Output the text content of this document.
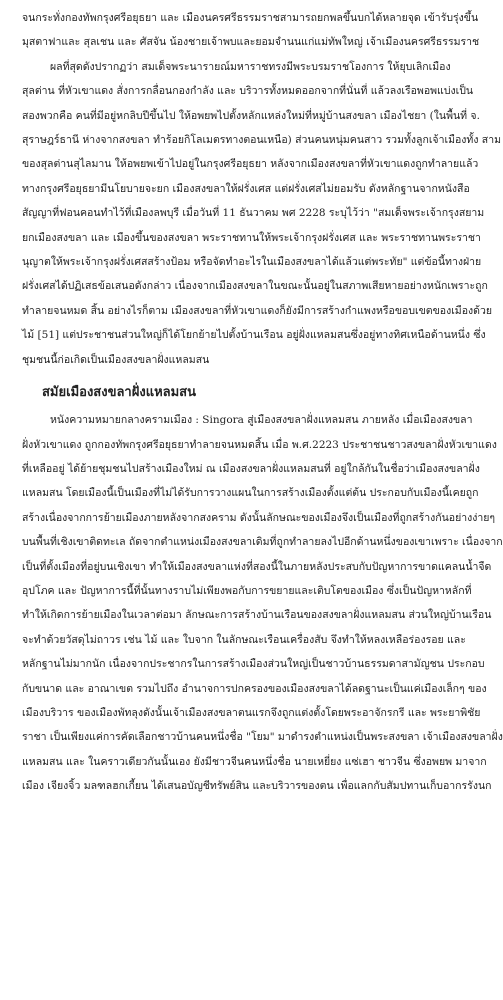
จนกระทั่งกองทัพกรุงศรีอยุธยา และ เมืองนครศรีธรรมราชสามารถยกพลขึ้นบกได้หลายจุด เข้ารับรุ่งขึ้น
มุสตาฟาและ สุลเชน และ ศัสจัน น้องชายเจ้าพบและยอมจำนนแก่แม่ทัพใหญ่ เจ้าเมืองนครศรีธรรมราช
ผลที่สุดดังปรากฏว่า สมเด็จพระนารายณ์มหาราชทรงมีพระบรมราชโองการ ให้ยุบเลิกเมือง
สุลต่าน ที่หัวเขาแดง สั่งการกลื่อนกองกำลัง และ บริวารทั้งหมดออกจากที่นั่นที่ แล้วลงเรือพอพแบ่งเป็น
สองพวกคือ คนที่มีอยู่หกลิบปีขึ้นไป ให้อพยพไปตั้งหลักแหล่งใหม่ที่หมู่บ้านสงขลา เมืองไชยา (ในพื้นที่ จ.
สุราษฎร์ธานี ห่างจากสงขลา ทำร้อยกิโลเมตรทางตอนเหนือ) ส่วนคนหนุ่มคนสาว รวมทั้งลูกเจ้าเมืองทั้ง สาม
ของสุลต่านสุไลมาน ให้อพยพเข้าไปอยู่ในกรุงศรีอยุธยา หลังจากเมืองสงขลาที่หัวเขาแดงถูกทำลายแล้ว
ทางกรุงศรีอยุธยามีนโยบายจะยก เมืองสงขลาให้ฝรั่งเศส แต่ฝรั่งเศสไม่ยอมรับ ดังหลักฐานจากหนังสือ
สัญญาที่ฟอนคอนทำไว้ที่เมืองลพบุรี เมื่อวันที่ 11 ธันวาคม พศ 2228 ระบุไว้ว่า "สมเด็จพระเจ้ากรุงสยาม
ยกเมืองสงขลา และ เมืองขึ้นของสงขลา พระราชทานให้พระเจ้ากรุงฝรั่งเศส และ พระราชทานพระราชา
นุญาตให้พระเจ้ากรุงฝรั่งเศสสร้างป้อม หรือจัดทำอะไรในเมืองสงขลาได้แล้วแต่พระทัย" แต่ข้อนี้ทางฝ่าย
ฝรั่งเศสได้ปฏิเสธข้อเสนอดังกล่าว เนื่องจากเมืองสงขลาในขณะนั้นอยู่ในสภาพเสียหายอย่างหนักเพราะถูก
ทำลายจนหมด สิ้น อย่างไรก็ตาม เมืองสงขลาที่หัวเขาแดงก็ยังมีการสร้างกำแพงหรือขอบเขตของเมืองด้วย
ไม้ [51] แต่ประชาชนส่วนใหญ่ก็ได้โยกย้ายไปตั้งบ้านเรือน อยู่ฝั่งแหลมสนซึ่งอยู่ทางทิศเหนือด้านหนึ่ง ซึ่ง
ชุมชนนี้ก่อเกิดเป็นเมืองสงขลาฝั่งแหลมสน
สมัยเมืองสงขลาฝั่งแหลมสน
หนังความหมายกลางครามเมือง : Singora สู่เมืองสงขลาฝั่งแหลมสน ภายหลัง เมื่อเมืองสงขลา
ฝั่งหัวเขาแดง ถูกกองทัพกรุงศรีอยุธยาทำลายจนหมดสิ้น เมื่อ พ.ศ.2223 ประชาชนชาวสงขลาฝั่งหัวเขาแดง
ที่เหลืออยู่ ได้ย้ายชุมชนไปสร้างเมืองใหม่ ณ เมืองสงขลาฝั่งแหลมสนที่ อยู่ใกล้กันในชื่อว่าเมืองสงขลาฝั่ง
แหลมสน โดยเมืองนี้เป็นเมืองที่ไม่ได้รับการวางแผนในการสร้างเมืองตั้งแต่ต้น ประกอบกับเมืองนี้เคยถูก
สร้างเนื่องจากการย้ายเมืองภายหลังจากสงคราม ดังนั้นลักษณะของเมืองจึงเป็นเมืองที่ถูกสร้างกันอย่างง่ายๆ
บนพื้นที่เชิงเขาติดทะเล ถัดจากตำแหน่งเมืองสงขลาเดิมที่ถูกทำลายลงไปอีกด้านหนึ่งของเขาเพราะ เนื่องจาก
เป็นที่ตั้งเมืองที่อยู่บนเชิงเขา ทำให้เมืองสงขลาแห่งที่สองนี้ในภายหลังประสบกับปัญหาการขาดแคลนน้ำจืด
อุปโภค และ ปัญหาการนี้ที่นั้นทางราบไม่เพียงพอกับการขยายและเติบโตของเมือง ซึ่งเป็นปัญหาหลักที่
ทำให้เกิดการย้ายเมืองในเวลาต่อมา ลักษณะการสร้างบ้านเรือนของสงขลาฝั่งแหลมสน ส่วนใหญ่บ้านเรือน
จะทำด้วยวัสดุไม่ถาวร เช่น ไม้ และ ใบจาก ในลักษณะเรือนเครื่องสับ จึงทำให้หลงเหลือร่องรอย และ
หลักฐานไม่มากนัก เนื่องจากประชากรในการสร้างเมืองส่วนใหญ่เป็นชาวบ้านธรรมดาสามัญชน ประกอบ
กับขนาด และ อาณาเขต รวมไปถึง อำนาจการปกครองของเมืองสงขลาได้ลดฐานะเป็นแค่เมืองเล็กๆ ของ
เมืองบริวาร ของเมืองพัทลุงดังนั้นเจ้าเมืองสงขลาตนแรกจึงถูกแต่งตั้งโดยพระอาจักรกรี และ พระยาพิชัย
ราชา เป็นเพียงแค่การคัดเลือกชาวบ้านคนหนึ่งชื่อ "โยม" มาดำรงตำแหน่งเป็นพระสงขลา เจ้าเมืองสงขลาฝั่ง
แหลมสน และ ในคราวเดียวกันนั้นเอง ยังมีชาวจีนคนหนึ่งชื่อ นายเหยี่ยง แซ่เฮา ชาวจีน ซึ่งอพยพ มาจาก
เมือง เจียงจิ้ว มลฑลฮกเกี้ยน ได้เสนอบัญชีทรัพย์สิน และบริวารของตน เพื่อแลกกับสัมปทานเก็บอากรรังนก
